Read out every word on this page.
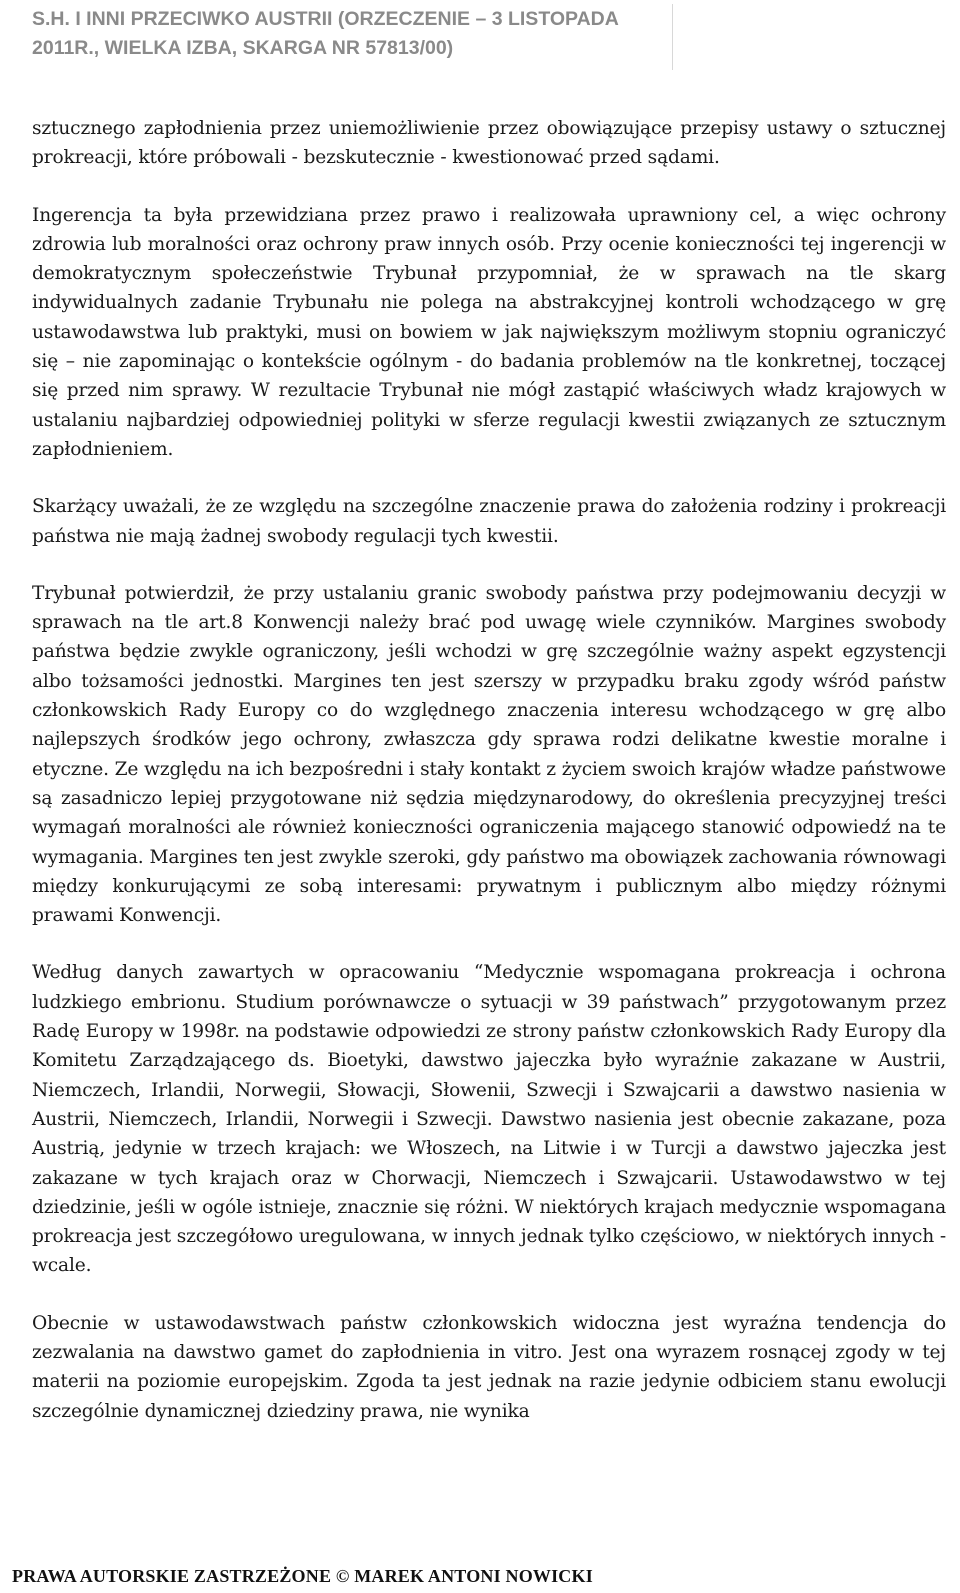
S.H. I INNI PRZECIWKO AUSTRII (ORZECZENIE – 3 LISTOPADA 2011R., WIELKA IZBA, SKARGA NR 57813/00)

sztucznego zapłodnienia przez uniemożliwienie przez obowiązujące przepisy ustawy o sztucznej prokreacji, które próbowali - bezskutecznie - kwestionować przed sądami.

Ingerencja ta była przewidziana przez prawo i realizowała uprawniony cel, a więc ochrony zdrowia lub moralności oraz ochrony praw innych osób. Przy ocenie konieczności tej ingerencji w demokratycznym społeczeństwie Trybunał przypomniał, że w sprawach na tle skarg indywidualnych zadanie Trybunału nie polega na abstrakcyjnej kontroli wchodzącego w grę ustawodawstwa lub praktyki, musi on bowiem w jak największym możliwym stopniu ograniczyć się – nie zapominając o kontekście ogólnym - do badania problemów na tle konkretnej, toczącej się przed nim sprawy. W rezultacie Trybunał nie mógł zastąpić właściwych władz krajowych w ustalaniu najbardziej odpowiedniej polityki w sferze regulacji kwestii związanych ze sztucznym zapłodnieniem.

Skarżący uważali, że ze względu na szczególne znaczenie prawa do założenia rodziny i prokreacji państwa nie mają żadnej swobody regulacji tych kwestii.

Trybunał potwierdził, że przy ustalaniu granic swobody państwa przy podejmowaniu decyzji w sprawach na tle art.8 Konwencji należy brać pod uwagę wiele czynników. Margines swobody państwa będzie zwykle ograniczony, jeśli wchodzi w grę szczególnie ważny aspekt egzystencji albo tożsamości jednostki. Margines ten jest szerszy w przypadku braku zgody wśród państw członkowskich Rady Europy co do względnego znaczenia interesu wchodzącego w grę albo najlepszych środków jego ochrony, zwłaszcza gdy sprawa rodzi delikatne kwestie moralne i etyczne. Ze względu na ich bezpośredni i stały kontakt z życiem swoich krajów władze państwowe są zasadniczo lepiej przygotowane niż sędzia międzynarodowy, do określenia precyzyjnej treści wymagań moralności ale również konieczności ograniczenia mającego stanowić odpowiedź na te wymagania. Margines ten jest zwykle szeroki, gdy państwo ma obowiązek zachowania równowagi między konkurującymi ze sobą interesami: prywatnym i publicznym albo między różnymi prawami Konwencji.

Według danych zawartych w opracowaniu “Medycznie wspomagana prokreacja i ochrona ludzkiego embrionu. Studium porównawcze o sytuacji w 39 państwach” przygotowanym przez Radę Europy w 1998r. na podstawie odpowiedzi ze strony państw członkowskich Rady Europy dla Komitetu Zarządzającego ds. Bioetyki, dawstwo jajeczka było wyraźnie zakazane w Austrii, Niemczech, Irlandii, Norwegii, Słowacji, Słowenii, Szwecji i Szwajcarii a dawstwo nasienia w Austrii, Niemczech, Irlandii, Norwegii i Szwecji. Dawstwo nasienia jest obecnie zakazane, poza Austrią, jedynie w trzech krajach: we Włoszech, na Litwie i w Turcji a dawstwo jajeczka jest zakazane w tych krajach oraz w Chorwacji, Niemczech i Szwajcarii. Ustawodawstwo w tej dziedzinie, jeśli w ogóle istnieje, znacznie się różni. W niektórych krajach medycznie wspomagana prokreacja jest szczegółowo uregulowana, w innych jednak tylko częściowo, w niektórych innych - wcale.

Obecnie w ustawodawstwach państw członkowskich widoczna jest wyraźna tendencja do zezwalania na dawstwo gamet do zapłodnienia in vitro. Jest ona wyrazem rosnącej zgody w tej materii na poziomie europejskim. Zgoda ta jest jednak na razie jedynie odbiciem stanu ewolucji szczególnie dynamicznej dziedziny prawa, nie wynika

PRAWA AUTORSKIE ZASTRZEŻONE © MAREK ANTONI NOWICKI
